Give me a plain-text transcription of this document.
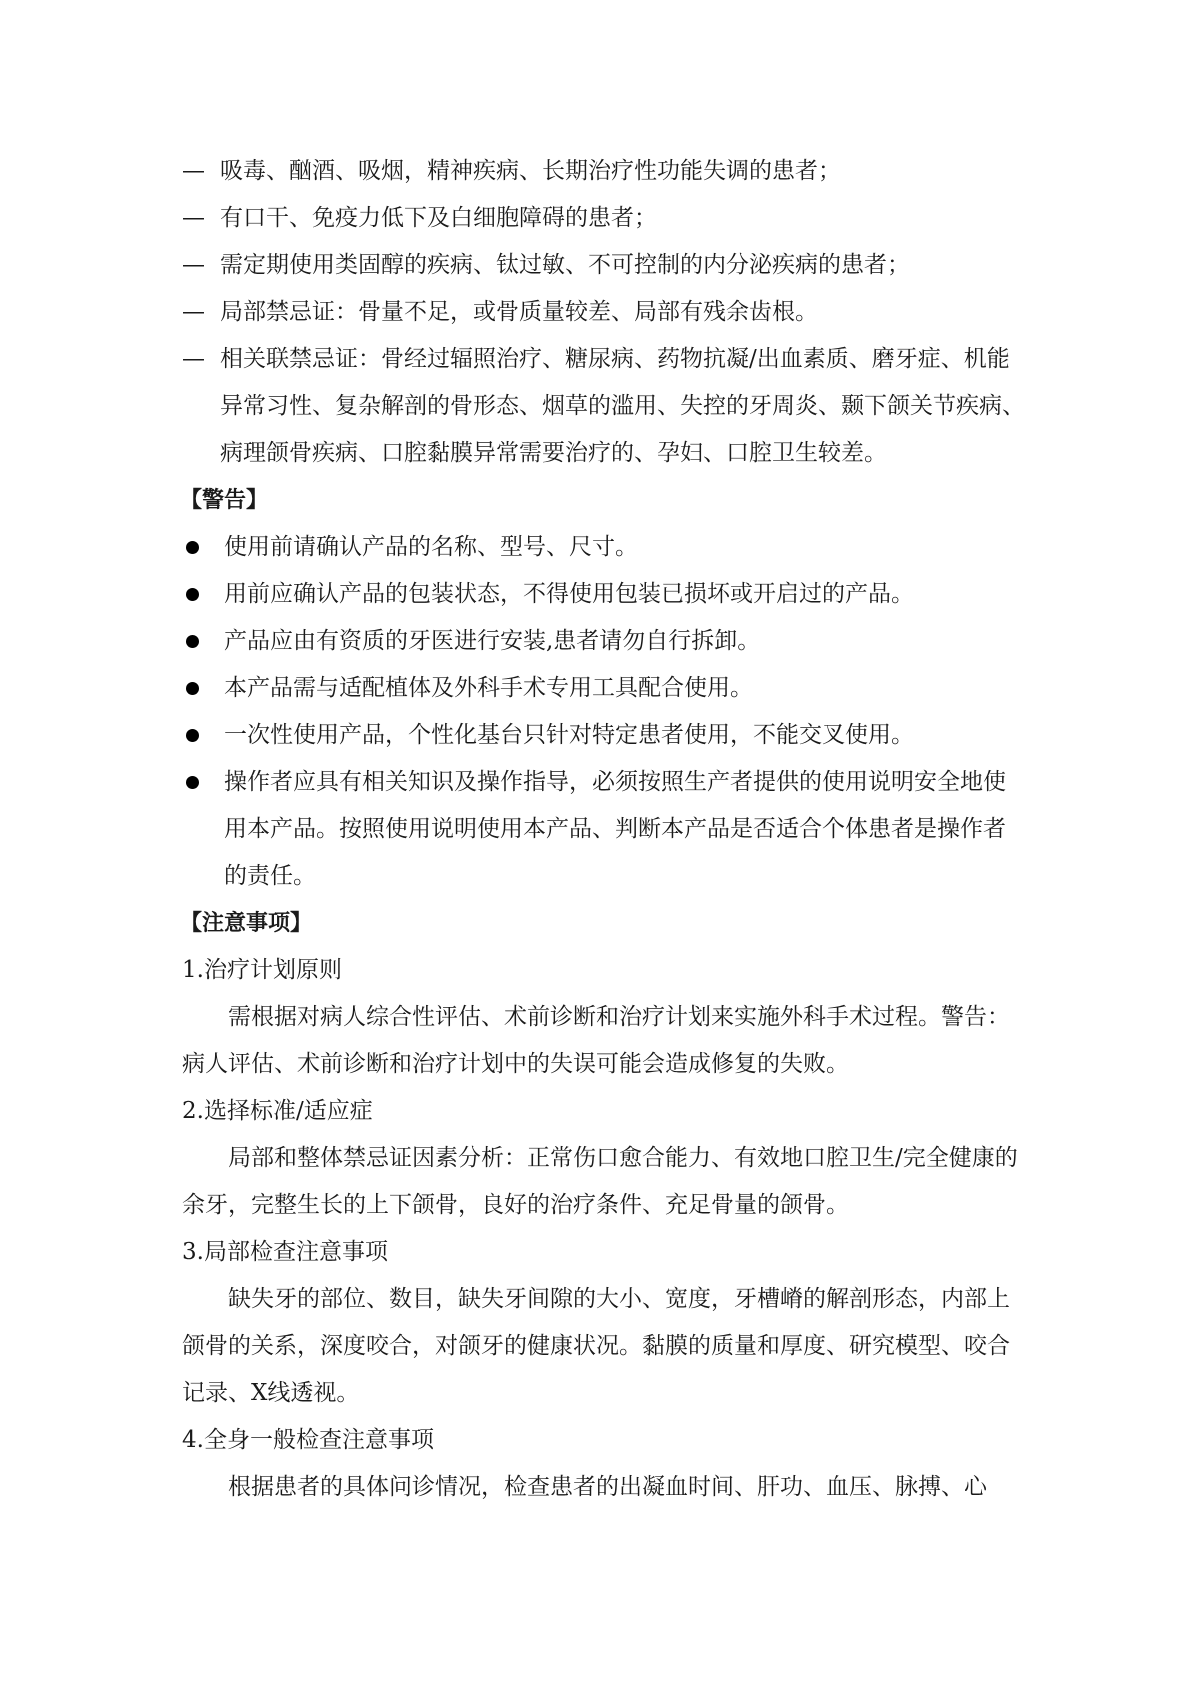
— 吸毒、酗酒、吸烟，精神疾病、长期治疗性功能失调的患者；
— 有口干、免疫力低下及白细胞障碍的患者；
— 需定期使用类固醇的疾病、钛过敏、不可控制的内分泌疾病的患者；
— 局部禁忌证：骨量不足，或骨质量较差、局部有残余齿根。
— 相关联禁忌证：骨经过辐照治疗、糖尿病、药物抗凝/出血素质、磨牙症、机能异常习性、复杂解剖的骨形态、烟草的滥用、失控的牙周炎、颞下颌关节疾病、病理颌骨疾病、口腔黏膜异常需要治疗的、孕妇、口腔卫生较差。
【警告】
使用前请确认产品的名称、型号、尺寸。
用前应确认产品的包装状态，不得使用包装已损坏或开启过的产品。
产品应由有资质的牙医进行安装,患者请勿自行拆卸。
本产品需与适配植体及外科手术专用工具配合使用。
一次性使用产品，个性化基台只针对特定患者使用，不能交叉使用。
操作者应具有相关知识及操作指导，必须按照生产者提供的使用说明安全地使用本产品。按照使用说明使用本产品、判断本产品是否适合个体患者是操作者的责任。
【注意事项】
1.治疗计划原则
需根据对病人综合性评估、术前诊断和治疗计划来实施外科手术过程。警告：病人评估、术前诊断和治疗计划中的失误可能会造成修复的失败。
2.选择标准/适应症
局部和整体禁忌证因素分析：正常伤口愈合能力、有效地口腔卫生/完全健康的余牙，完整生长的上下颌骨，良好的治疗条件、充足骨量的颌骨。
3.局部检查注意事项
缺失牙的部位、数目，缺失牙间隙的大小、宽度，牙槽嵴的解剖形态，内部上颌骨的关系，深度咬合，对颌牙的健康状况。黏膜的质量和厚度、研究模型、咬合记录、X线透视。
4.全身一般检查注意事项
根据患者的具体问诊情况，检查患者的出凝血时间、肝功、血压、脉搏、心
